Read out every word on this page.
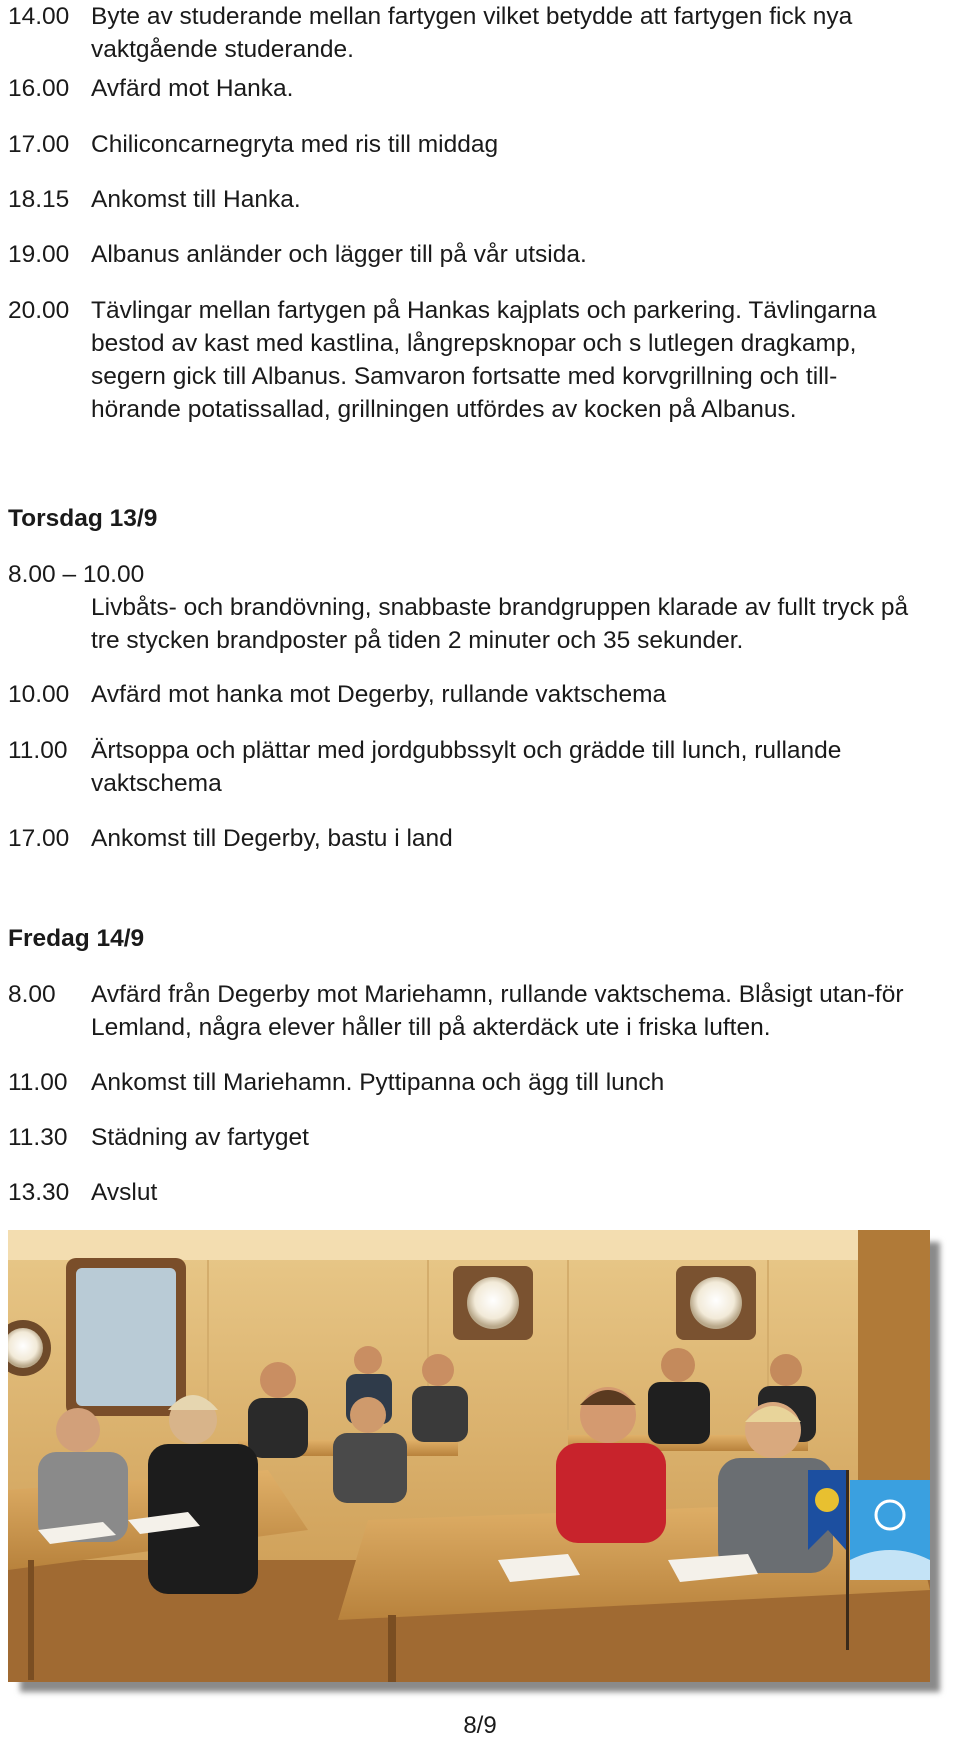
14.00 Byte av studerande mellan fartygen vilket betydde att fartygen fick nya vaktgående studerande.
16.00 Avfärd mot Hanka.
17.00 Chiliconcarnegryta med ris till middag
18.15 Ankomst till Hanka.
19.00 Albanus anländer och lägger till på vår utsida.
20.00 Tävlingar mellan fartygen på Hankas kajplats och parkering. Tävlingarna bestod av kast med kastlina, långrepsknopar och s lutlegen dragkamp, segern gick till Albanus. Samvaron fortsatte med korvgrillning och till-hörande potatissallad, grillningen utfördes av kocken på Albanus.
Torsdag 13/9
8.00 – 10.00
Livbåts- och brandövning, snabbaste brandgruppen klarade av fullt tryck på tre stycken brandposter på tiden 2 minuter och 35 sekunder.
10.00 Avfärd mot hanka mot Degerby, rullande vaktschema
11.00 Ärtsoppa och plättar med jordgubbssylt och grädde till lunch, rullande vaktschema
17.00 Ankomst till Degerby, bastu i land
Fredag 14/9
8.00	Avfärd från Degerby mot Mariehamn, rullande vaktschema. Blåsigt utan-för Lemland, några elever håller till på akterdäck ute i friska luften.
11.00 Ankomst till Mariehamn. Pyttipanna och ägg till lunch
11.30 Städning av fartyget
13.30 Avslut
8/9
